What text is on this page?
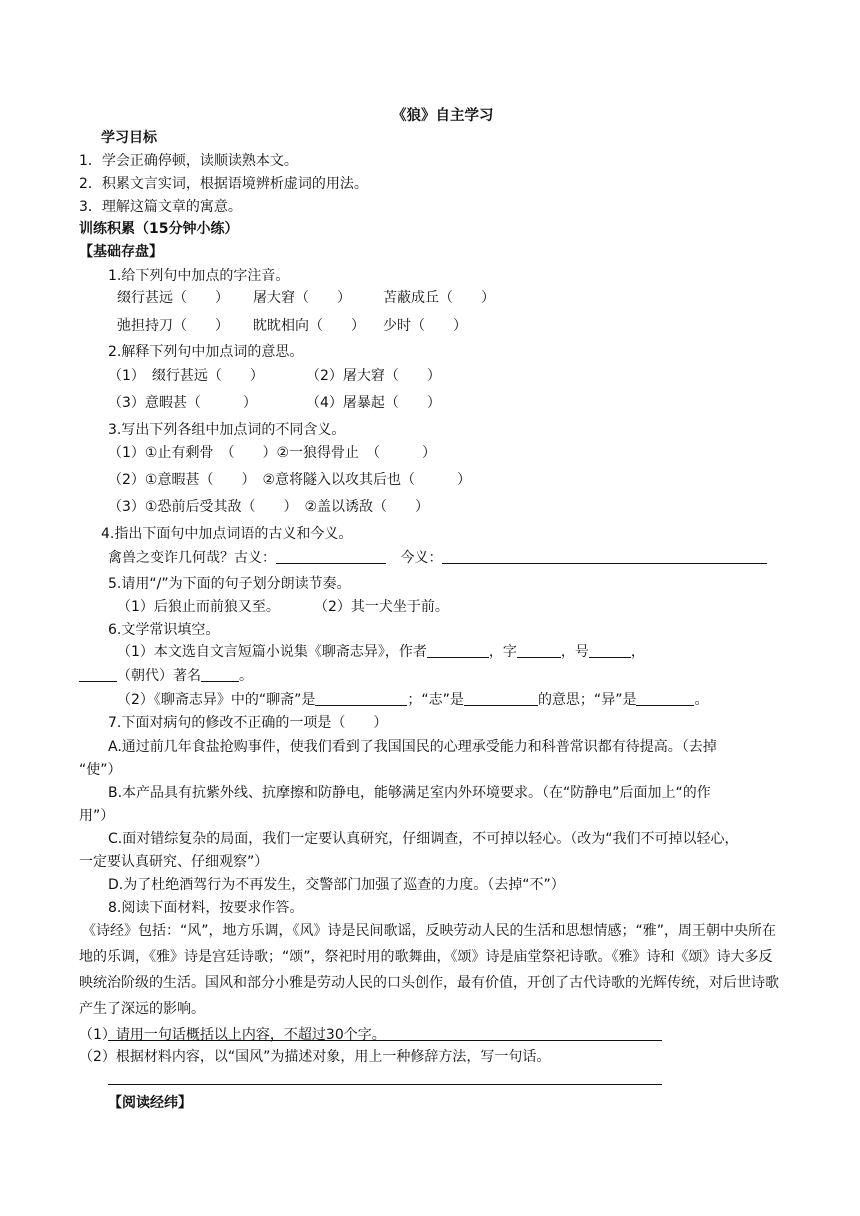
《狼》自主学习
学习目标
1．学会正确停顿，读顺读熟本文。
2．积累文言实词，根据语境辨析虚词的用法。
3．理解这篇文章的寓意。
训练积累（15分钟小练）
【基础存盘】
1.给下列句中加点的字注音。
缀行甚远（　　） 屠大窘（　　） 苫蔽成丘（　　）
弛担持刀（　　） 眈眈相向（　　） 少时（　　）
2.解释下列句中加点词的意思。
（1）　缀行甚远（　　）	（2）屠大窘（　　）
（3）意暇甚（　　　）	（4）屠暴起（　　）
3.写出下列各组中加点词的不同含义。
（1）①止有剩骨　（　　）②一狼得骨止　（　　　）
（2）①意暇甚（　　）　②意将隧入以攻其后也（　　　）
（3）①恐前后受其敌（　　）　②盖以诱敌（　　）
4.指出下面句中加点词语的古义和今义。
禽兽之变诈几何哉？古义：	今义：
5.请用“/”为下面的句子划分朗读节奏。
（1）后狼止而前狼又至。 （2）其一犬坐于前。
6.文学常识填空。
（1）本文选自文言短篇小说集《聊斋志异》，作者	，字	，号	，
（朝代）著名	。
（2）《聊斋志异》中的“聊斋”是	；“志”是	的意思；“异”是	。
7.下面对病句的修改不正确的一项是（　　）
A.通过前几年食盐抢购事件，使我们看到了我国国民的心理承受能力和科普常识都有待提高。（去掉
“使”）
B.本产品具有抗紫外线、抗摩擦和防静电，能够满足室内外环境要求。（在“防静电”后面加上“的作
用”）
C.面对错综复杂的局面，我们一定要认真研究，仔细调查，不可掉以轻心。（改为“我们不可掉以轻心，
一定要认真研究、仔细观察”）
D.为了杜绝酒驾行为不再发生，交警部门加强了巡查的力度。（去掉“不”）
8.阅读下面材料，按要求作答。
《诗经》包括：“风”，地方乐调，《风》诗是民间歌谣，反映劳动人民的生活和思想情感；“雅”，周王朝中央所在地的乐调，《雅》诗是宫廷诗歌；“颂”，祭祀时用的歌舞曲，《颂》诗是庙堂祭祀诗歌。《雅》诗和《颂》诗大多反映统治阶级的生活。国风和部分小雅是劳动人民的口头创作，最有价值，开创了古代诗歌的光辉传统，对后世诗歌产生了深远的影响。
（1）请用一句话概括以上内容，不超过30个字。
（2）根据材料内容，以“国风”为描述对象，用上一种修辞方法，写一句话。
【阅读经纬】
